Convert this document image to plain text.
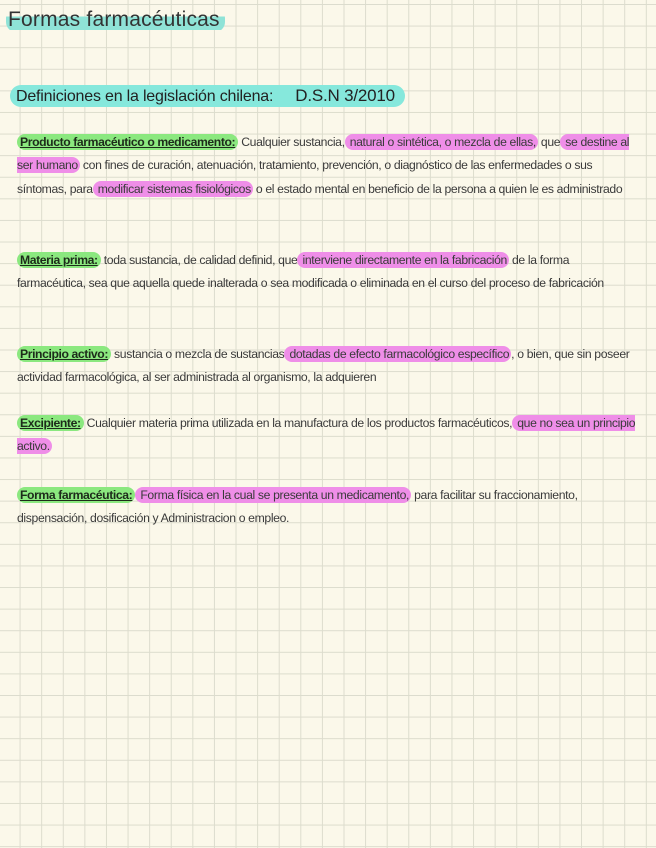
Formas farmacéuticas
Definiciones en la legislación chilena: D.S.N 3/2010
Producto farmacéutico o medicamento: Cualquier sustancia, natural o sintética, o mezcla de ellas, que se destine al ser humano con fines de curación, atenuación, tratamiento, prevención, o diagnóstico de las enfermedades o sus síntomas, para modificar sistemas fisiológicos o el estado mental en beneficio de la persona a quien le es administrado
Materia prima: toda sustancia, de calidad definid, que interviene directamente en la fabricación de la forma farmacéutica, sea que aquella quede inalterada o sea modificada o eliminada en el curso del proceso de fabricación
Principio activo: sustancia o mezcla de sustancias dotadas de efecto farmacológico específico , o bien, que sin poseer actividad farmacológica, al ser administrada al organismo, la adquieren
Excipiente: Cualquier materia prima utilizada en la manufactura de los productos farmacéuticos, que no sea un principio activo.
Forma farmacéutica: Forma física en la cual se presenta un medicamento, para facilitar su fraccionamiento, dispensación, dosificación y Administracion o empleo.
